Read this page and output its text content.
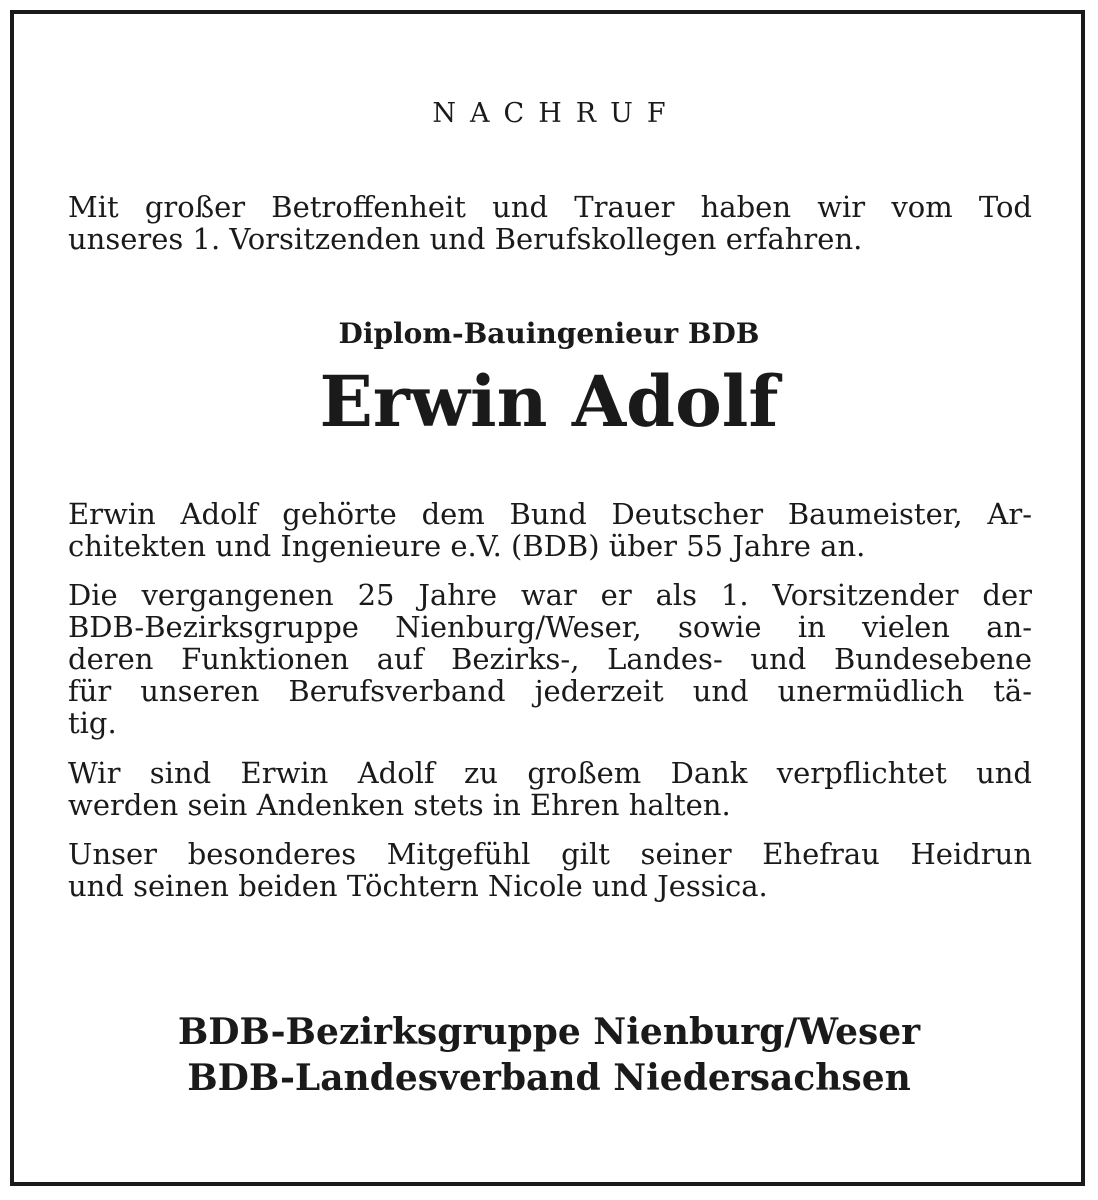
NACHRUF
Mit großer Betroffenheit und Trauer haben wir vom Tod
unseres 1. Vorsitzenden und Berufskollegen erfahren.
Diplom-Bauingenieur BDB
Erwin Adolf
Erwin Adolf gehörte dem Bund Deutscher Baumeister, Ar-
chitekten und Ingenieure e.V. (BDB) über 55 Jahre an.
Die vergangenen 25 Jahre war er als 1. Vorsitzender der
BDB-Bezirksgruppe Nienburg/Weser, sowie in vielen an-
deren Funktionen auf Bezirks-, Landes- und Bundesebene
für unseren Berufsverband jederzeit und unermüdlich tä-
tig.
Wir sind Erwin Adolf zu großem Dank verpflichtet und
werden sein Andenken stets in Ehren halten.
Unser besonderes Mitgefühl gilt seiner Ehefrau Heidrun
und seinen beiden Töchtern Nicole und Jessica.
BDB-Bezirksgruppe Nienburg/Weser
BDB-Landesverband Niedersachsen
